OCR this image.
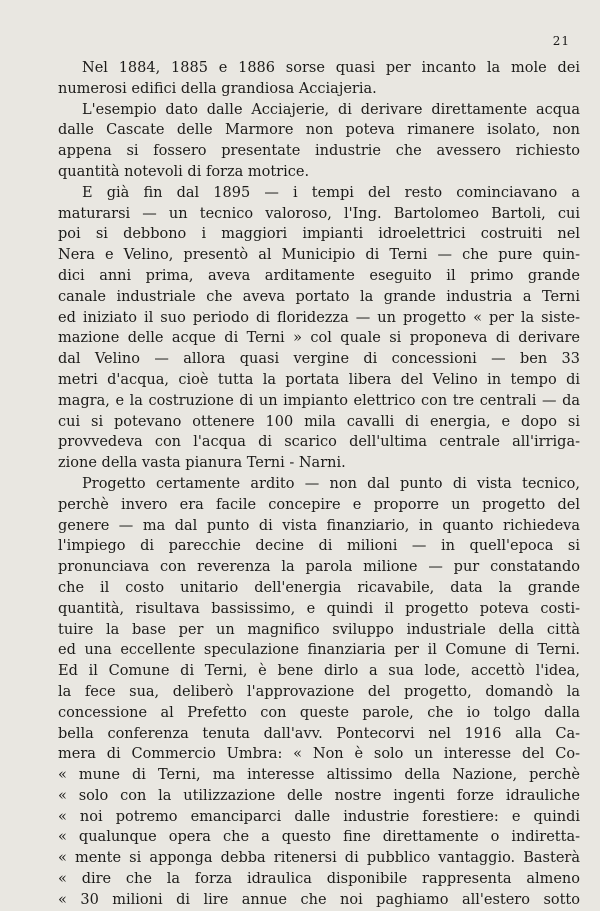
21
Nel 1884, 1885 e 1886 sorse quasi per incanto la mole dei
numerosi edifici della grandiosa Acciajeria.
L'esempio dato dalle Acciajerie, di derivare direttamente acqua
dalle Cascate delle Marmore non poteva rimanere isolato, non
appena si fossero presentate industrie che avessero richiesto
quantità notevoli di forza motrice.
E già fin dal 1895 — i tempi del resto cominciavano a
maturarsi — un tecnico valoroso, l'Ing. Bartolomeo Bartoli, cui
poi si debbono i maggiori impianti idroelettrici costruiti nel
Nera e Velino, presentò al Municipio di Terni — che pure quin-
dici anni prima, aveva arditamente eseguito il primo grande
canale industriale che aveva portato la grande industria a Terni
ed iniziato il suo periodo di floridezza — un progetto « per la siste-
mazione delle acque di Terni » col quale si proponeva di derivare
dal Velino — allora quasi vergine di concessioni — ben 33
metri d'acqua, cioè tutta la portata libera del Velino in tempo di
magra, e la costruzione di un impianto elettrico con tre centrali — da
cui si potevano ottenere 100 mila cavalli di energia, e dopo si
provvedeva con l'acqua di scarico dell'ultima centrale all'irriga-
zione della vasta pianura Terni - Narni.
Progetto certamente ardito — non dal punto di vista tecnico,
perchè invero era facile concepire e proporre un progetto del
genere — ma dal punto di vista finanziario, in quanto richiedeva
l'impiego di parecchie decine di milioni — in quell'epoca si
pronunciava con reverenza la parola milione — pur constatando
che il costo unitario dell'energia ricavabile, data la grande
quantità, risultava bassissimo, e quindi il progetto poteva costi-
tuire la base per un magnifico sviluppo industriale della città
ed una eccellente speculazione finanziaria per il Comune di Terni.
Ed il Comune di Terni, è bene dirlo a sua lode, accettò l'idea,
la fece sua, deliberò l'approvazione del progetto, domandò la
concessione al Prefetto con queste parole, che io tolgo dalla
bella conferenza tenuta dall'avv. Pontecorvi nel 1916 alla Ca-
mera di Commercio Umbra: « Non è solo un interesse del Co-
« mune di Terni, ma interesse altissimo della Nazione, perchè
« solo con la utilizzazione delle nostre ingenti forze idrauliche
« noi potremo emanciparci dalle industrie forestiere: e quindi
« qualunque opera che a questo fine direttamente o indiretta-
« mente si apponga debba ritenersi di pubblico vantaggio. Basterà
« dire che la forza idraulica disponibile rappresenta almeno
« 30 milioni di lire annue che noi paghiamo all'estero sotto
